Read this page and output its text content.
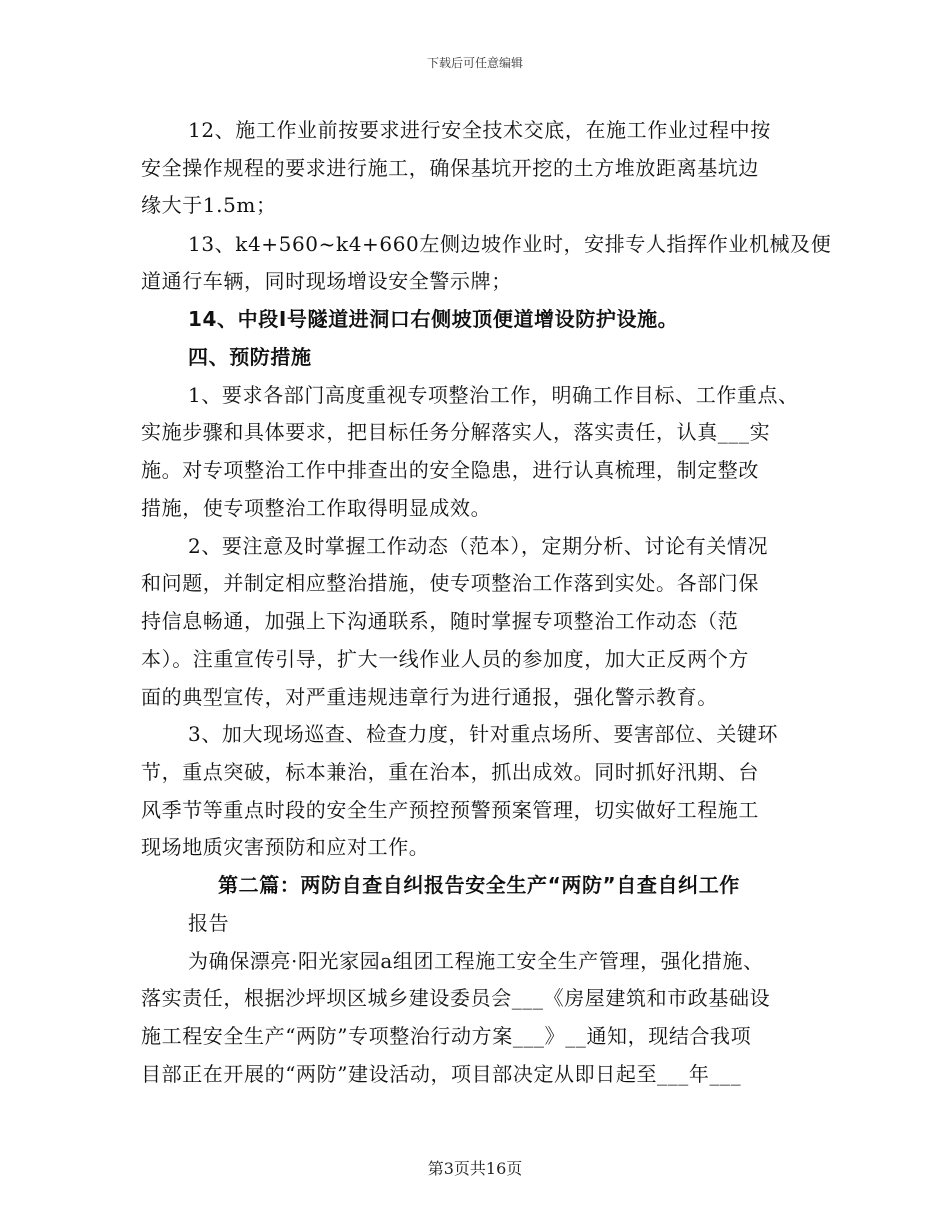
下载后可任意编辑
12、施工作业前按要求进行安全技术交底，在施工作业过程中按
安全操作规程的要求进行施工，确保基坑开挖的土方堆放距离基坑边
缘大于1.5m；
13、k4+560~k4+660左侧边坡作业时，安排专人指挥作业机械及便
道通行车辆，同时现场增设安全警示牌；
14、中段Ⅰ号隧道进洞口右侧坡顶便道增设防护设施。
四、预防措施
1、要求各部门高度重视专项整治工作，明确工作目标、工作重点、
实施步骤和具体要求，把目标任务分解落实人，落实责任，认真___实
施。对专项整治工作中排查出的安全隐患，进行认真梳理，制定整改
措施，使专项整治工作取得明显成效。
2、要注意及时掌握工作动态（范本），定期分析、讨论有关情况
和问题，并制定相应整治措施，使专项整治工作落到实处。各部门保
持信息畅通，加强上下沟通联系，随时掌握专项整治工作动态（范
本）。注重宣传引导，扩大一线作业人员的参加度，加大正反两个方
面的典型宣传，对严重违规违章行为进行通报，强化警示教育。
3、加大现场巡查、检查力度，针对重点场所、要害部位、关键环
节，重点突破，标本兼治，重在治本，抓出成效。同时抓好汛期、台
风季节等重点时段的安全生产预控预警预案管理，切实做好工程施工
现场地质灾害预防和应对工作。
第二篇：两防自查自纠报告安全生产“两防”自查自纠工作
报告
为确保漂亮·阳光家园a组团工程施工安全生产管理，强化措施、
落实责任，根据沙坪坝区城乡建设委员会___《房屋建筑和市政基础设
施工程安全生产“两防”专项整治行动方案___》__通知，现结合我项
目部正在开展的“两防”建设活动，项目部决定从即日起至___年___
第3页共16页
